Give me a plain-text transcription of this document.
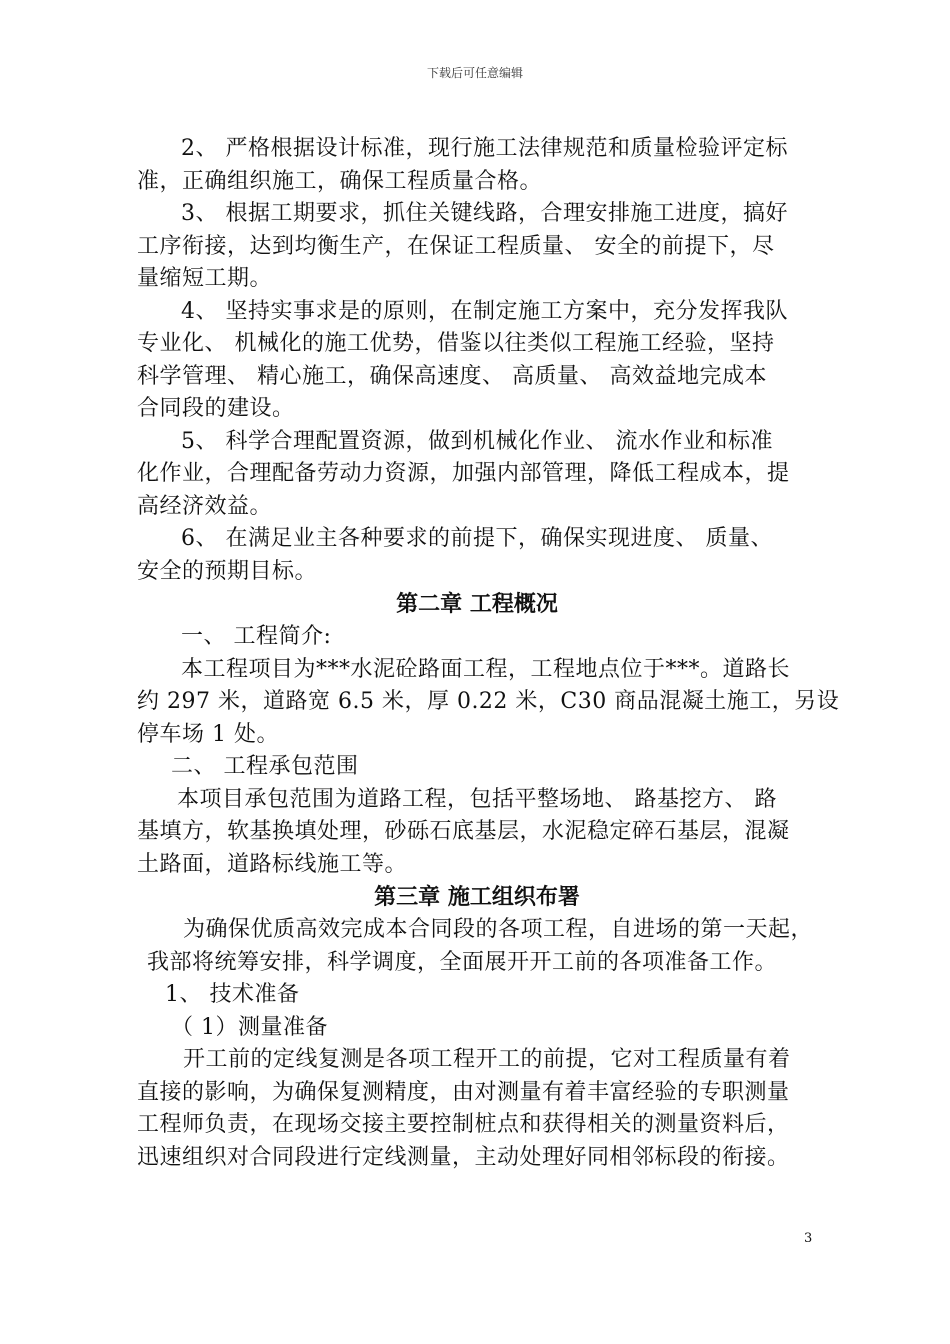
下载后可任意编辑
2、 严格根据设计标准，现行施工法律规范和质量检验评定标
准，正确组织施工，确保工程质量合格。
3、 根据工期要求，抓住关键线路，合理安排施工进度，搞好
工序衔接，达到均衡生产，在保证工程质量、 安全的前提下，尽
量缩短工期。
4、 坚持实事求是的原则，在制定施工方案中，充分发挥我队
专业化、 机械化的施工优势，借鉴以往类似工程施工经验，坚持
科学管理、 精心施工，确保高速度、 高质量、 高效益地完成本
合同段的建设。
5、 科学合理配置资源，做到机械化作业、 流水作业和标准
化作业，合理配备劳动力资源，加强内部管理，降低工程成本，提
高经济效益。
6、 在满足业主各种要求的前提下，确保实现进度、 质量、
安全的预期目标。
第二章 工程概况
一、 工程简介:
本工程项目为***水泥砼路面工程，工程地点位于***。道路长
约 297 米，道路宽 6.5 米，厚 0.22 米，C30 商品混凝土施工，另设
停车场 1 处。
二、 工程承包范围
本项目承包范围为道路工程，包括平整场地、 路基挖方、 路
基填方，软基换填处理，砂砾石底基层，水泥稳定碎石基层，混凝
土路面，道路标线施工等。
第三章 施工组织布署
为确保优质高效完成本合同段的各项工程，自进场的第一天起，
我部将统筹安排，科学调度，全面展开开工前的各项准备工作。
1、 技术准备
（ 1）测量准备
开工前的定线复测是各项工程开工的前提，它对工程质量有着
直接的影响，为确保复测精度，由对测量有着丰富经验的专职测量
工程师负责，在现场交接主要控制桩点和获得相关的测量资料后，
迅速组织对合同段进行定线测量，主动处理好同相邻标段的衔接。
3
